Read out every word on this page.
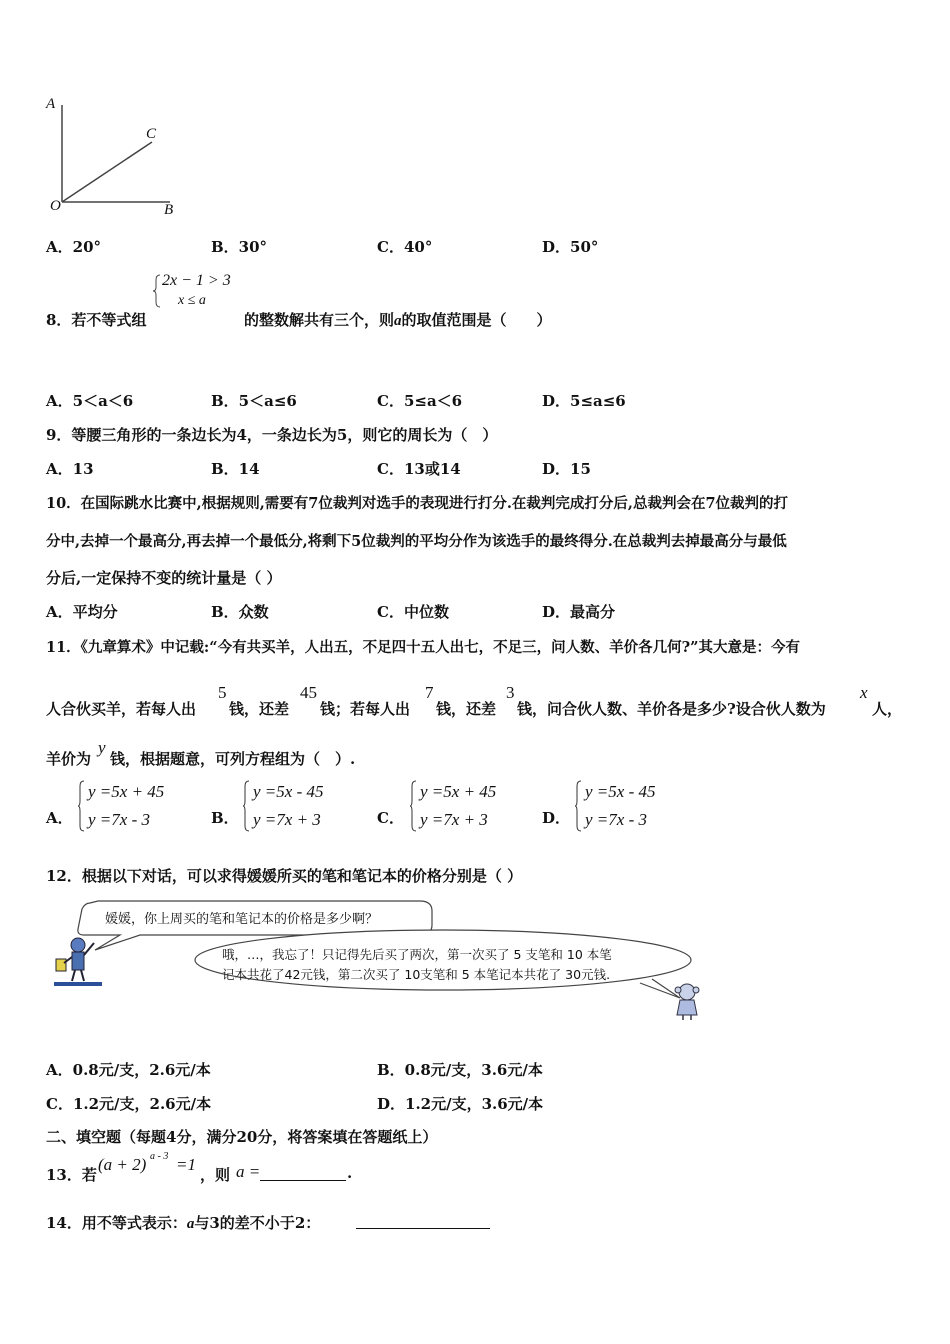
A
C
O	B
A．20°	B．30°	C．40°	D．50°
8．若不等式组
2x − 1 > 3
x ≤ a
的整数解共有三个，则a的取值范围是（　　）
A．5＜a＜6	B．5＜a≤6	C．5≤a＜6	D．5≤a≤6
9．等腰三角形的一条边长为4，一条边长为5，则它的周长为（　）
A．13	B．14	C．13或14	D．15
10．在国际跳水比赛中,根据规则,需要有7位裁判对选手的表现进行打分.在裁判完成打分后,总裁判会在7位裁判的打
分中,去掉一个最高分,再去掉一个最低分,将剩下5位裁判的平均分作为该选手的最终得分.在总裁判去掉最高分与最低
分后,一定保持不变的统计量是（ ）
A．平均分	B．众数	C．中位数	D．最高分
11．《九章算术》中记载:“今有共买羊，人出五，不足四十五人出七，不足三，问人数、羊价各几何?”其大意是：今有
人合伙买羊，若每人出
5
钱，还差
45
钱；若每人出
7
钱，还差
3
钱，问合伙人数、羊价各是多少?设合伙人数为
x
人，
羊价为
y
钱，根据题意，可列方程组为（　）.
A．
y =5x + 45
y =7x - 3	B．
y =5x - 45
y =7x + 3	C．
y =5x + 45
y =7x + 3	D．
y =5x - 45
y =7x - 3
12．根据以下对话，可以求得媛媛所买的笔和笔记本的价格分别是（ ）
媛媛，你上周买的笔和笔记本的价格是多少啊？
哦，…，我忘了！只记得先后买了两次，第一次买了 5 支笔和 10 本笔
记本共花了42元钱，第二次买了 10支笔和 5 本笔记本共花了 30元钱.
A．0.8元/支，2.6元/本	B．0.8元/支，3.6元/本
C．1.2元/支，2.6元/本	D．1.2元/支，3.6元/本
二、填空题（每题4分，满分20分，将答案填在答题纸上）
13．若
(a + 2) a - 3 =1
，则 a =	.
14．用不等式表示：a与3的差不小于2：
